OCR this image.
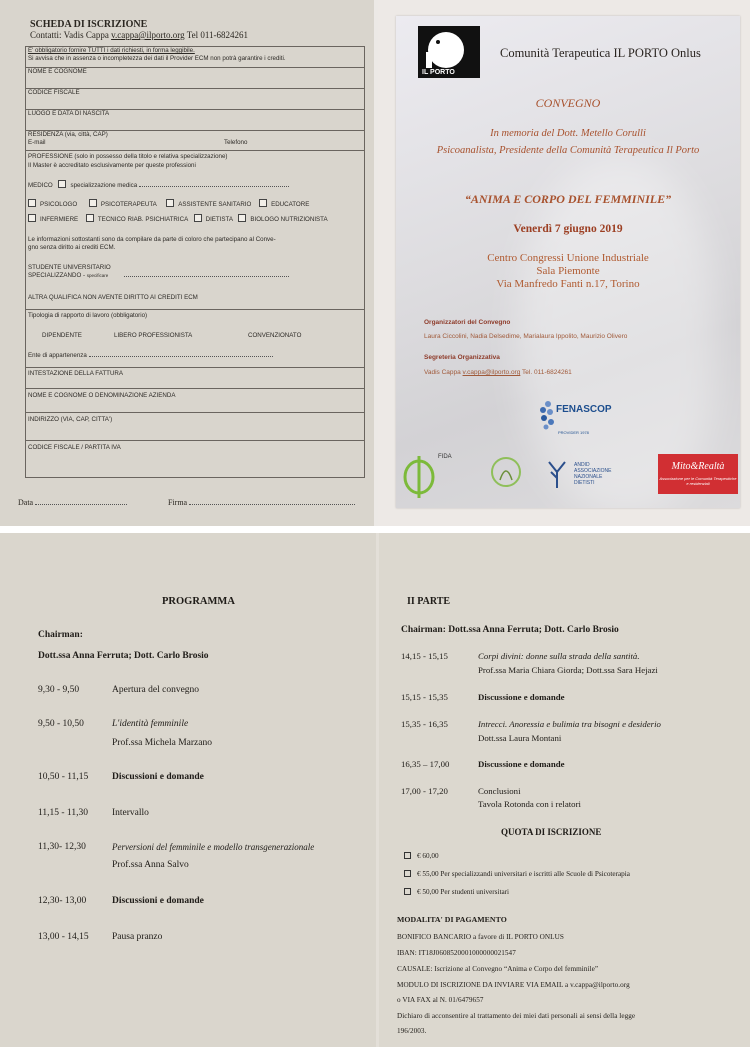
SCHEDA DI ISCRIZIONE
Contatti: Vadis Cappa v.cappa@ilporto.org Tel 011-6824261
E' obbligatorio fornire TUTTI i dati richiesti, in forma leggibile.
Si avvisa che in assenza o incompletezza dei dati il Provider ECM non potrà garantire i crediti.
NOME E COGNOME
CODICE FISCALE
LUOGO E DATA DI NASCITA
RESIDENZA (via, città, CAP)
E-mail	Telefono
PROFESSIONE (solo in possesso della titolo e relativa specializzazione)
Il Master è accreditato esclusivamente per queste professioni
MEDICO	specializzazione medica
PSICOLOGO	PSICOTERAPEUTA	ASSISTENTE SANITARIO	EDUCATORE
INFERMIERE	TECNICO RIAB. PSICHIATRICA	DIETISTA	BIOLOGO NUTRIZIONISTA
Le informazioni sottostanti sono da compilare da parte di coloro che partecipano al Conve-
gno senza diritto ai crediti ECM.
STUDENTE UNIVERSITARIO
SPECIALIZZANDO - specificare
ALTRA QUALIFICA NON AVENTE DIRITTO AI CREDITI ECM
Tipologia di rapporto di lavoro (obbligatorio)
DIPENDENTE	LIBERO PROFESSIONISTA	CONVENZIONATO
Ente di appartenenza
INTESTAZIONE DELLA FATTURA
NOME E COGNOME O DENOMINAZIONE AZIENDA
INDIRIZZO (VIA, CAP, CITTA')
CODICE FISCALE / PARTITA IVA
Data	Firma
IL PORTO
Comunità Terapeutica IL PORTO Onlus
CONVEGNO
In memoria del Dott. Metello Corulli
Psicoanalista, Presidente della Comunità Terapeutica Il Porto
“ANIMA E CORPO DEL FEMMINILE”
Venerdì 7 giugno 2019
Centro Congressi Unione Industriale
Sala Piemonte
Via Manfredo Fanti n.17, Torino
Organizzatori del Convegno
Laura Ciccolini, Nadia Delsedime, Marialaura Ippolito, Maurizio Olivero
Segreteria Organizzativa
Vadis Cappa v.cappa@ilporto.org Tel. 011-6824261
FENASCOP
PROVIDER 1978
FIDA
ANDID
ASSOCIAZIONE
NAZIONALE
DIETISTI
Mito&Realtà
Associazione per le Comunità Terapeutiche e residenziali
PROGRAMMA
Chairman:
Dott.ssa Anna Ferruta; Dott. Carlo Brosio
9,30 - 9,50	Apertura del convegno
9,50 - 10,50	L'identità femminile
Prof.ssa Michela Marzano
10,50 - 11,15 Discussioni e domande
11,15 - 11,30	Intervallo
11,30- 12,30	Perversioni del femminile e modello transgenerazionale
Prof.ssa Anna Salvo
12,30- 13,00	Discussioni e domande
13,00 - 14,15 Pausa pranzo
II PARTE
Chairman: Dott.ssa Anna Ferruta; Dott. Carlo Brosio
14,15 - 15,15	Corpi divini: donne sulla strada della santità.
Prof.ssa Maria Chiara Giorda; Dott.ssa Sara Hejazi
15,15 - 15,35	Discussione e domande
15,35 - 16,35	Intrecci. Anoressia e bulimia tra bisogni e desiderio
Dott.ssa Laura Montani
16,35 – 17,00	Discussione e domande
17,00 - 17,20	Conclusioni
Tavola Rotonda con i relatori
QUOTA DI ISCRIZIONE
€ 60,00
€ 55,00 Per specializzandi universitari e iscritti alle Scuole di Psicoterapia
€ 50,00 Per studenti universitari
MODALITA' DI PAGAMENTO
BONIFICO BANCARIO a favore di IL PORTO ONLUS
IBAN: IT18J0608520001000000021547
CAUSALE: Iscrizione al Convegno “Anima e Corpo del femminile”
MODULO DI ISCRIZIONE DA INVIARE VIA EMAIL a v.cappa@ilporto.org
o VIA FAX al N. 01/6479657
Dichiaro di acconsentire al trattamento dei miei dati personali ai sensi della legge
196/2003.
